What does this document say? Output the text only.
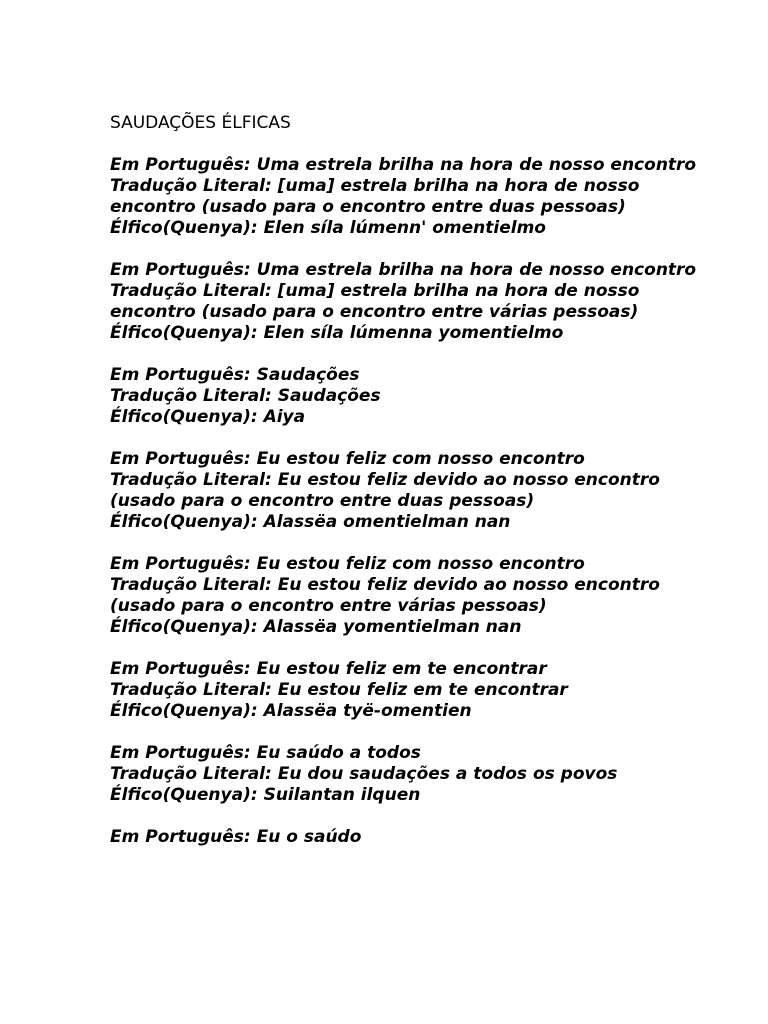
SAUDAÇÕES ÉLFICAS
Em Português: Uma estrela brilha na hora de nosso encontro
Tradução Literal: [uma] estrela brilha na hora de nosso encontro (usado para o encontro entre duas pessoas)
Élfico(Quenya): Elen síla lúmenn' omentielmo
Em Português: Uma estrela brilha na hora de nosso encontro
Tradução Literal: [uma] estrela brilha na hora de nosso encontro (usado para o encontro entre várias pessoas)
Élfico(Quenya): Elen síla lúmenna yomentielmo
Em Português: Saudações
Tradução Literal: Saudações
Élfico(Quenya): Aiya
Em Português: Eu estou feliz com nosso encontro
Tradução Literal: Eu estou feliz devido ao nosso encontro (usado para o encontro entre duas pessoas)
Élfico(Quenya): Alassëa omentielman nan
Em Português: Eu estou feliz com nosso encontro
Tradução Literal: Eu estou feliz devido ao nosso encontro (usado para o encontro entre várias pessoas)
Élfico(Quenya): Alassëa yomentielman nan
Em Português: Eu estou feliz em te encontrar
Tradução Literal: Eu estou feliz em te encontrar
Élfico(Quenya): Alassëa tyë-omentien
Em Português: Eu saúdo a todos
Tradução Literal: Eu dou saudações a todos os povos
Élfico(Quenya): Suilantan ilquen
Em Português: Eu o saúdo
